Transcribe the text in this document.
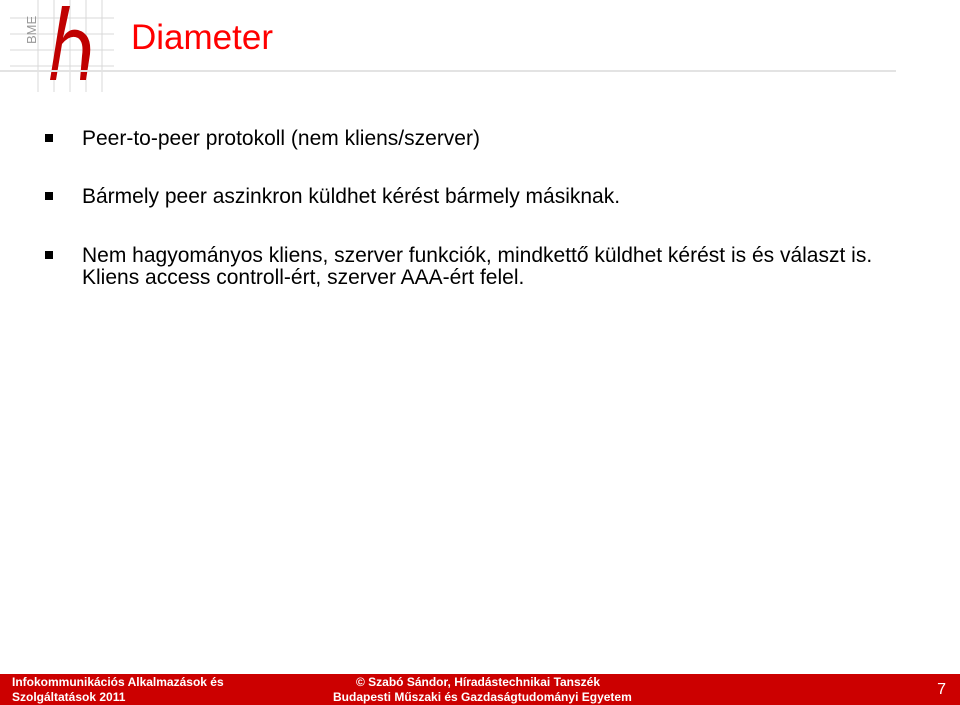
BME	Diameter
Peer-to-peer protokoll (nem kliens/szerver)
Bármely peer aszinkron küldhet kérést bármely másiknak.
Nem hagyományos kliens, szerver funkciók, mindkettő küldhet kérést is és választ is. Kliens access controll-ért, szerver AAA-ért felel.
Infokommunikációs Alkalmazások és
Szolgáltatások 2011
© Szabó Sándor, Híradástechnikai Tanszék
Budapesti Műszaki és Gazdaságtudományi Egyetem	7
